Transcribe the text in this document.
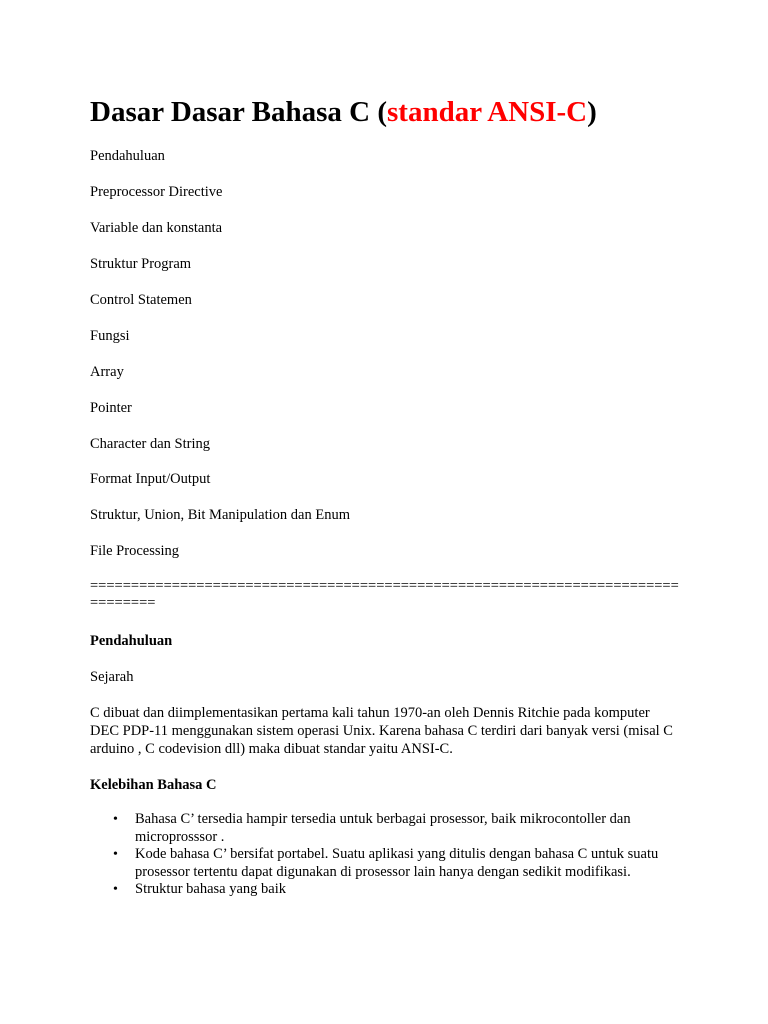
Dasar Dasar Bahasa C (standar ANSI-C)

Pendahuluan

Preprocessor Directive

Variable dan konstanta

Struktur Program

Control Statemen

Fungsi

Array

Pointer

Character dan String

Format Input/Output

Struktur, Union, Bit Manipulation dan Enum

File Processing

================================================================================

Pendahuluan

Sejarah

C dibuat dan diimplementasikan pertama kali tahun 1970-an oleh Dennis Ritchie pada komputer DEC PDP-11 menggunakan sistem operasi Unix. Karena bahasa C terdiri dari banyak versi (misal C arduino , C codevision dll) maka dibuat standar yaitu ANSI-C.

Kelebihan Bahasa C

• Bahasa C’ tersedia hampir tersedia untuk berbagai prosessor, baik mikrocontoller dan microprosssor .
• Kode bahasa C’ bersifat portabel. Suatu aplikasi yang ditulis dengan bahasa C untuk suatu prosessor tertentu dapat digunakan di prosessor lain hanya dengan sedikit modifikasi.
• Struktur bahasa yang baik
